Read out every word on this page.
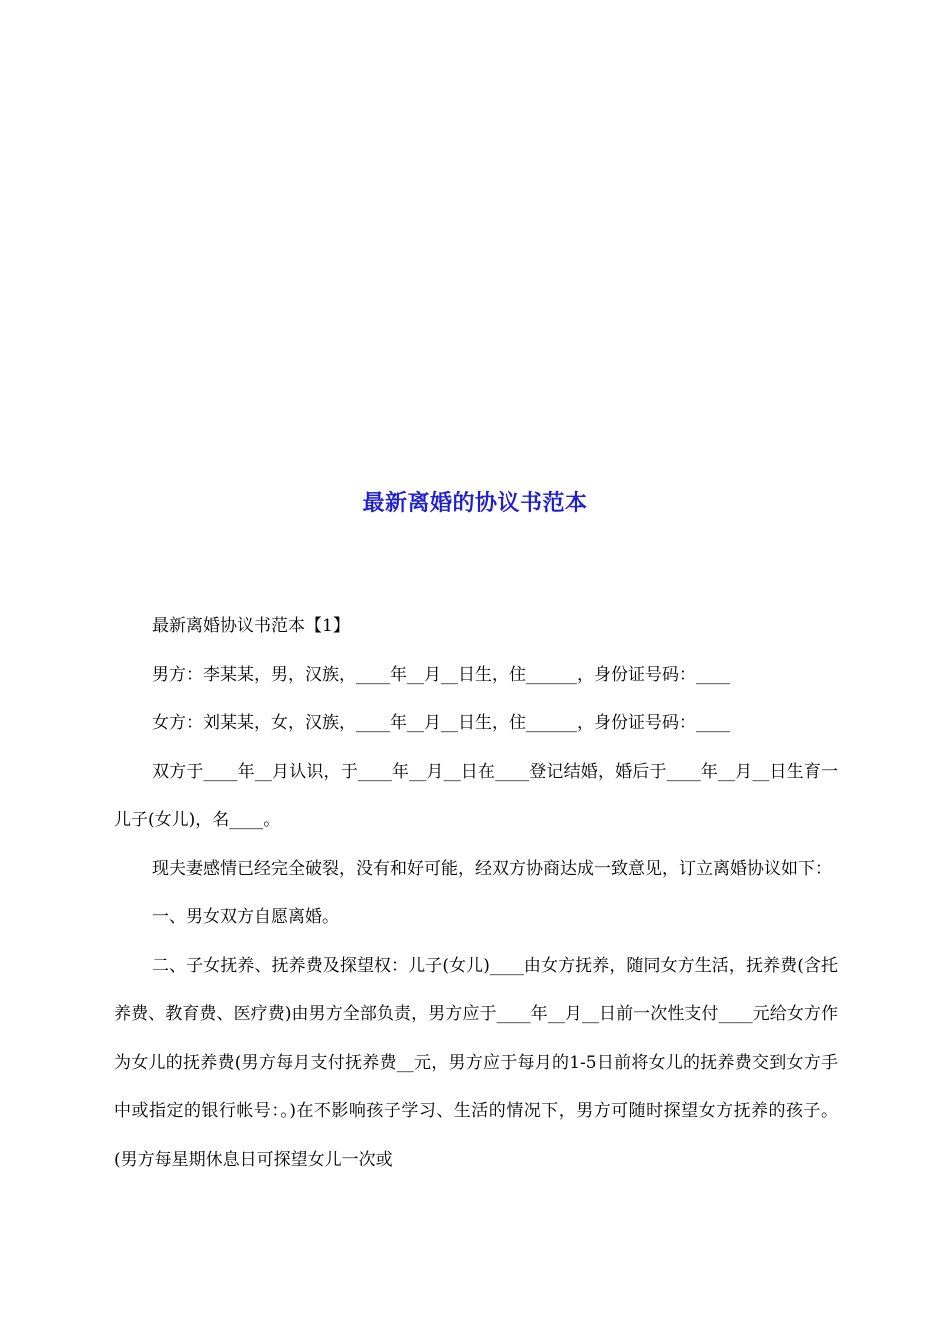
最新离婚的协议书范本

最新离婚协议书范本【1】

男方：李某某，男，汉族，____年__月__日生，住______，身份证号码：____

女方：刘某某，女，汉族，____年__月__日生，住______，身份证号码：____

双方于____年__月认识，于____年__月__日在____登记结婚，婚后于____年__月__日生育一儿子(女儿)，名____。

现夫妻感情已经完全破裂，没有和好可能，经双方协商达成一致意见，订立离婚协议如下：

一、男女双方自愿离婚。

二、子女抚养、抚养费及探望权：儿子(女儿)____由女方抚养，随同女方生活，抚养费(含托养费、教育费、医疗费)由男方全部负责，男方应于____年__月__日前一次性支付____元给女方作为女儿的抚养费(男方每月支付抚养费__元，男方应于每月的1-5日前将女儿的抚养费交到女方手中或指定的银行帐号：。)在不影响孩子学习、生活的情况下，男方可随时探望女方抚养的孩子。(男方每星期休息日可探望女儿一次或
